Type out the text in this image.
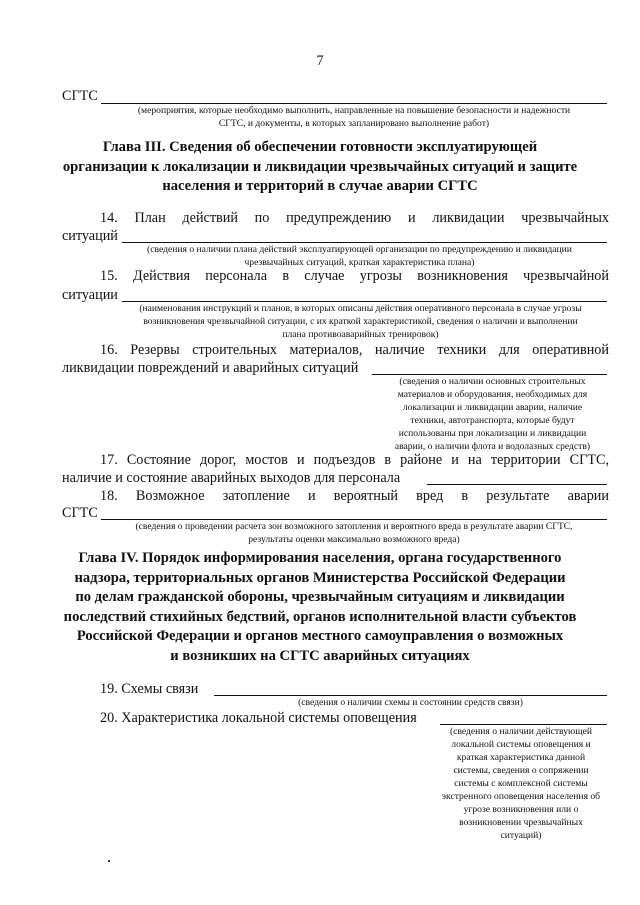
7
СГТС
(мероприятия, которые необходимо выполнить, направленные на повышение безопасности и надежности
СГТС, и документы, в которых запланировано выполнение работ)
Глава III. Сведения об обеспечении готовности эксплуатирующей
организации к локализации и ликвидации чрезвычайных ситуаций и защите
населения и территорий в случае аварии СГТС
14. План действий по предупреждению и ликвидации чрезвычайных
ситуаций
(сведения о наличии плана действий эксплуатирующей организации по предупреждению и ликвидации
чрезвычайных ситуаций, краткая характеристика плана)
15. Действия персонала в случае угрозы возникновения чрезвычайной
ситуации
(наименования инструкций и планов, в которых описаны действия оперативного персонала в случае угрозы
возникновения чрезвычайной ситуации, с их краткой характеристикой, сведения о наличии и выполнении
плана противоаварийных тренировок)
16. Резервы строительных материалов, наличие техники для оперативной
ликвидации повреждений и аварийных ситуаций
(сведения о наличии основных строительных
материалов и оборудования, необходимых для
локализации и ликвидации аварии, наличие
техники, автотранспорта, которые будут
использованы при локализации и ликвидации
аварии, о наличии флота и водолазных средств)
17. Состояние дорог, мостов и подъездов в районе и на территории СГТС,
наличие и состояние аварийных выходов для персонала
18. Возможное затопление и вероятный вред в результате аварии
СГТС
(сведения о проведении расчета зон возможного затопления и вероятного вреда в результате аварии СГТС,
результаты оценки максимально возможного вреда)
Глава IV. Порядок информирования населения, органа государственного
надзора, территориальных органов Министерства Российской Федерации
по делам гражданской обороны, чрезвычайным ситуациям и ликвидации
последствий стихийных бедствий, органов исполнительной власти субъектов
Российской Федерации и органов местного самоуправления о возможных
и возникших на СГТС аварийных ситуациях
19. Схемы связи
(сведения о наличии схемы и состоянии средств связи)
20. Характеристика локальной системы оповещения
(сведения о наличии действующей
локальной системы оповещения и
краткая характеристика данной
системы, сведения о сопряжении
системы с комплексной системы
экстренного оповещения населения об
угрозе возникновения или о
возникновении чрезвычайных
ситуаций)
